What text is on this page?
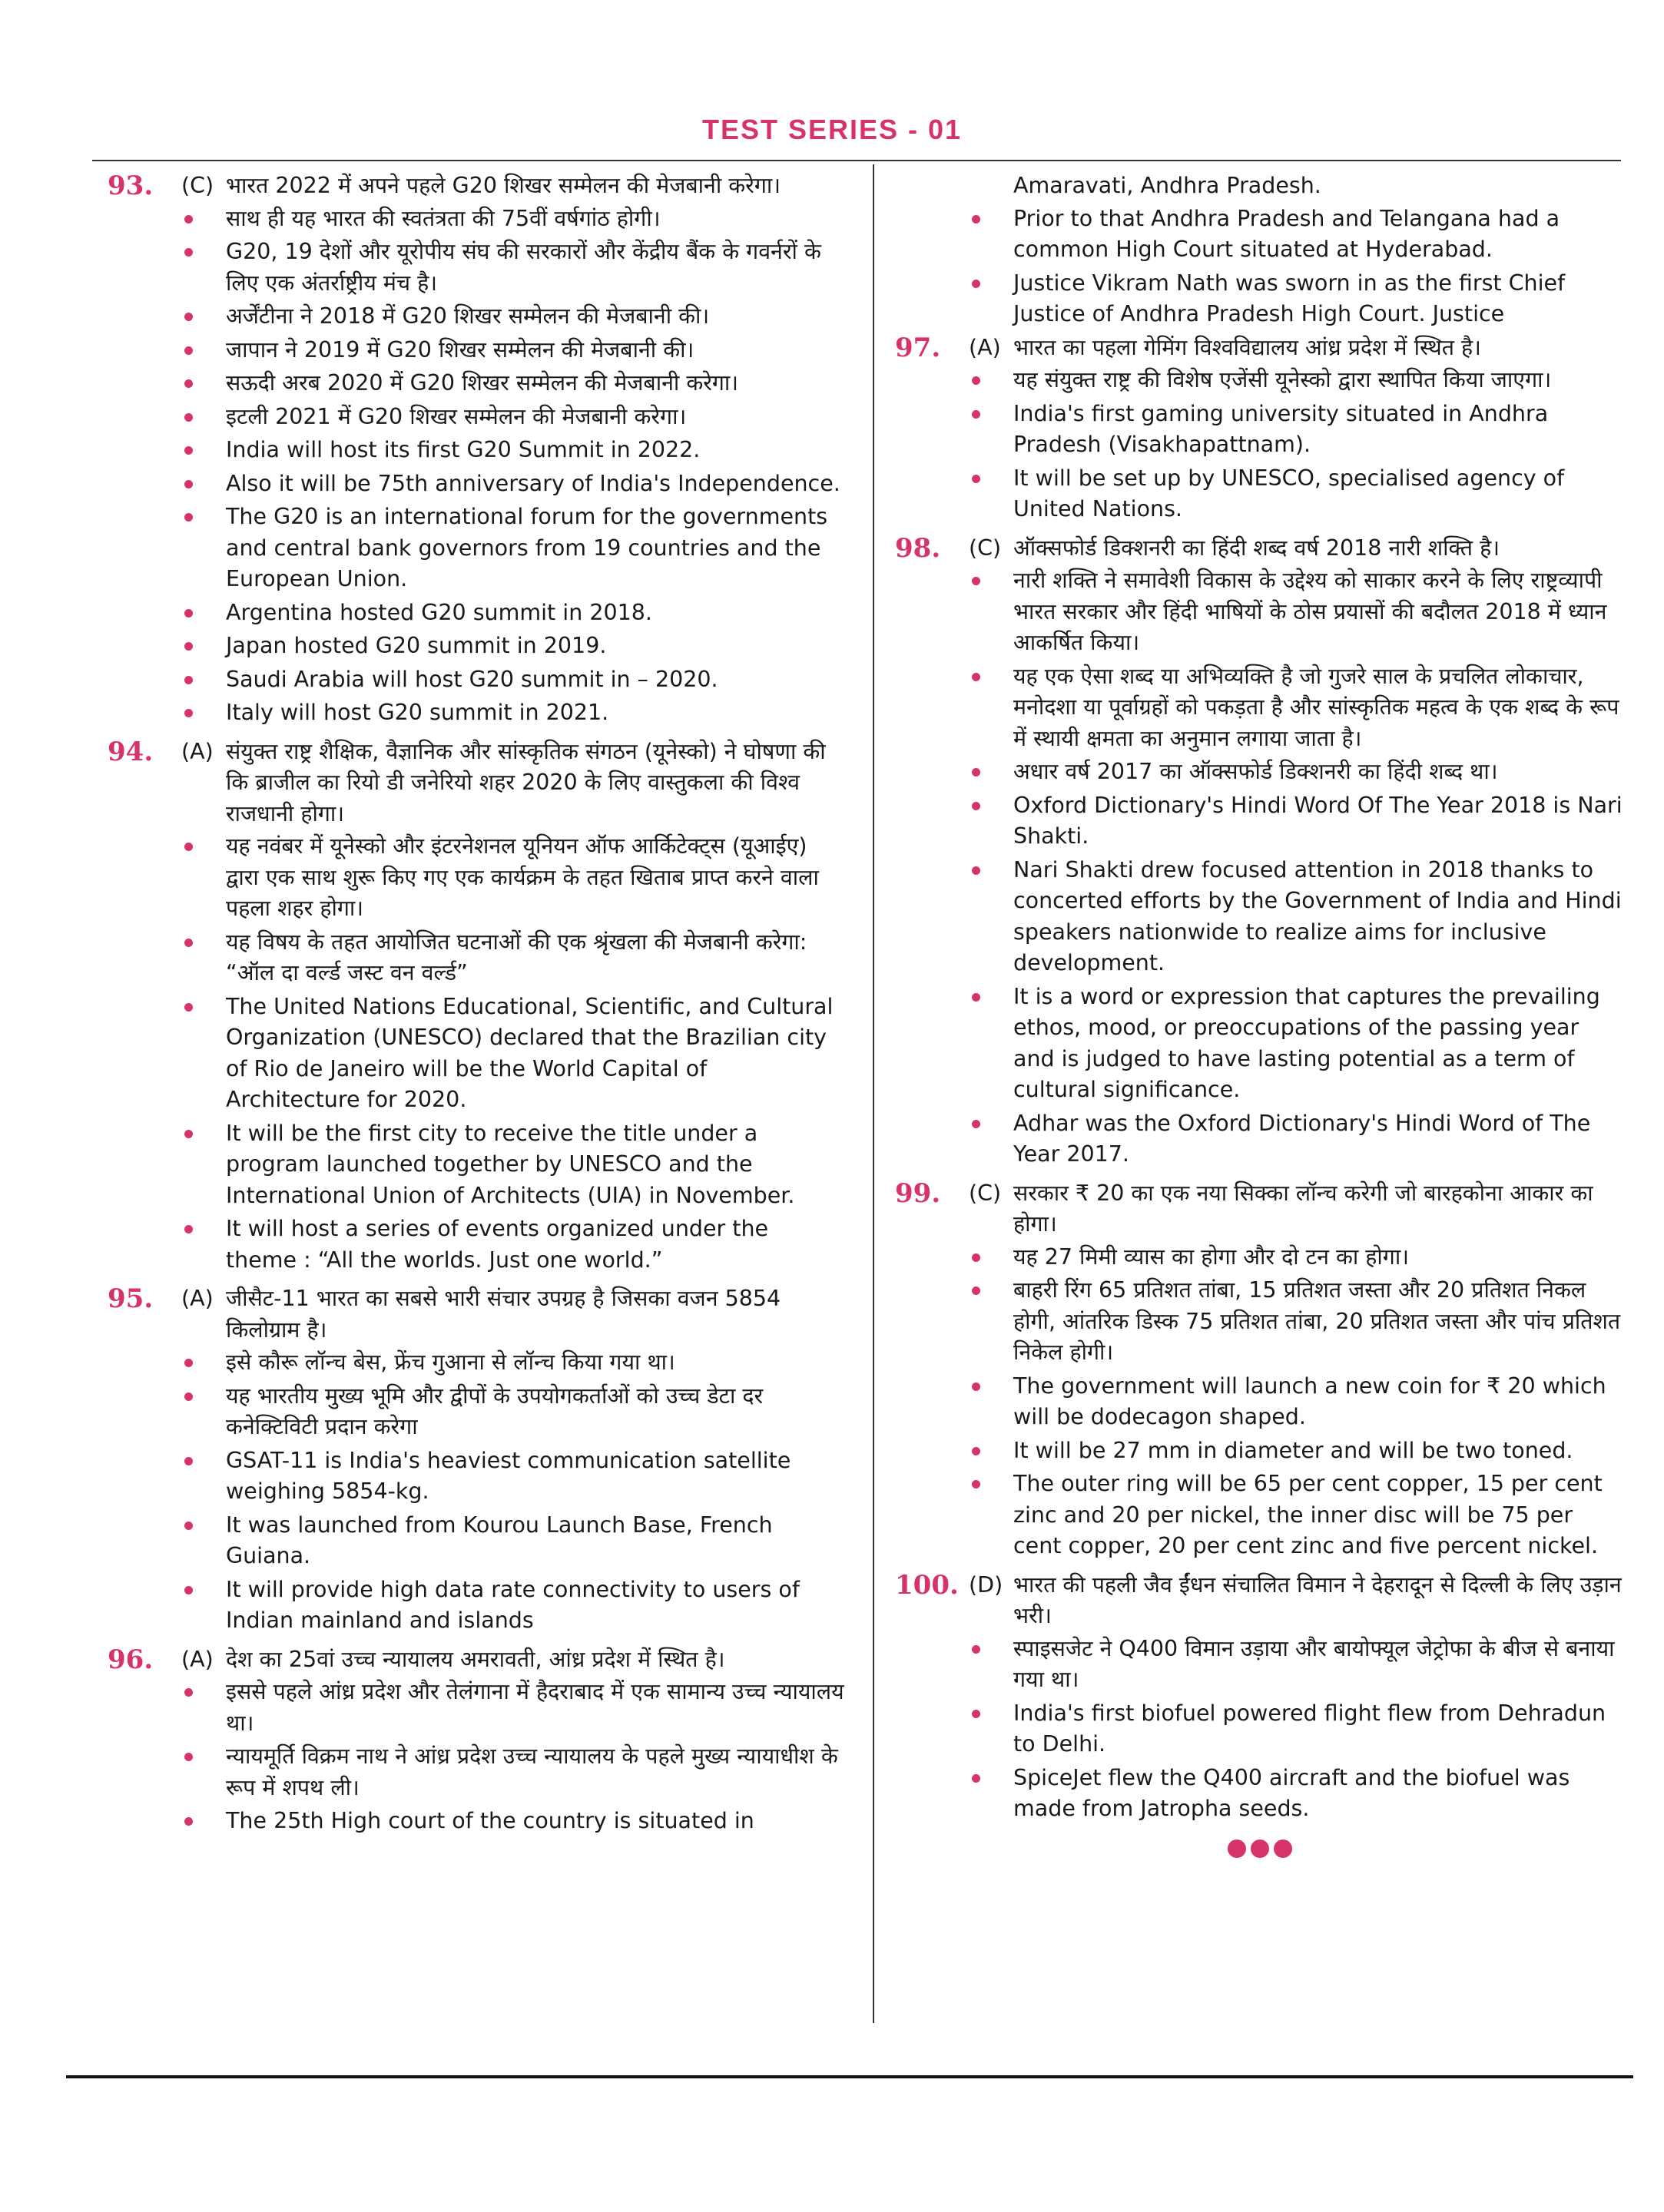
TEST SERIES - 01
93.	(C) भारत 2022 में अपने पहले G20 शिखर सम्मेलन की मेजबानी करेगा।
साथ ही यह भारत की स्वतंत्रता की 75वीं वर्षगांठ होगी।
G20, 19 देशों और यूरोपीय संघ की सरकारों और केंद्रीय बैंक के गवर्नरों के लिए एक अंतर्राष्ट्रीय मंच है।
अर्जेंटीना ने 2018 में G20 शिखर सम्मेलन की मेजबानी की।
जापान ने 2019 में G20 शिखर सम्मेलन की मेजबानी की।
सऊदी अरब 2020 में G20 शिखर सम्मेलन की मेजबानी करेगा।
इटली 2021 में G20 शिखर सम्मेलन की मेजबानी करेगा।
India will host its first G20 Summit in 2022.
Also it will be 75th anniversary of India's Independence.
The G20 is an international forum for the governments and central bank governors from 19 countries and the European Union.
Argentina hosted G20 summit in 2018.
Japan hosted G20 summit in 2019.
Saudi Arabia will host G20 summit in – 2020.
Italy will host G20 summit in 2021.
94.	(A) संयुक्त राष्ट्र शैक्षिक, वैज्ञानिक और सांस्कृतिक संगठन (यूनेस्को) ने घोषणा की कि ब्राजील का रियो डी जनेरियो शहर 2020 के लिए वास्तुकला की विश्व राजधानी होगा।
यह नवंबर में यूनेस्को और इंटरनेशनल यूनियन ऑफ आर्किटेक्ट्स (यूआईए) द्वारा एक साथ शुरू किए गए एक कार्यक्रम के तहत खिताब प्राप्त करने वाला पहला शहर होगा।
यह विषय के तहत आयोजित घटनाओं की एक श्रृंखला की मेजबानी करेगा: “ऑल दा वर्ल्ड जस्ट वन वर्ल्ड”
The United Nations Educational, Scientific, and Cultural Organization (UNESCO) declared that the Brazilian city of Rio de Janeiro will be the World Capital of Architecture for 2020.
It will be the first city to receive the title under a program launched together by UNESCO and the International Union of Architects (UIA) in November.
It will host a series of events organized under the theme : “All the worlds. Just one world.”
95.	(A) जीसैट-11 भारत का सबसे भारी संचार उपग्रह है जिसका वजन 5854 किलोग्राम है।
इसे कौरू लॉन्च बेस, फ्रेंच गुआना से लॉन्च किया गया था।
यह भारतीय मुख्य भूमि और द्वीपों के उपयोगकर्ताओं को उच्च डेटा दर कनेक्टिविटी प्रदान करेगा
GSAT-11 is India's heaviest communication satellite weighing 5854-kg.
It was launched from Kourou Launch Base, French Guiana.
It will provide high data rate connectivity to users of Indian mainland and islands
96.	(A) देश का 25वां उच्च न्यायालय अमरावती, आंध्र प्रदेश में स्थित है।
इससे पहले आंध्र प्रदेश और तेलंगाना में हैदराबाद में एक सामान्य उच्च न्यायालय था।
न्यायमूर्ति विक्रम नाथ ने आंध्र प्रदेश उच्च न्यायालय के पहले मुख्य न्यायाधीश के रूप में शपथ ली।
The 25th High court of the country is situated in
Amaravati, Andhra Pradesh.
Prior to that Andhra Pradesh and Telangana had a common High Court situated at Hyderabad.
Justice Vikram Nath was sworn in as the first Chief Justice of Andhra Pradesh High Court. Justice
97.	(A) भारत का पहला गेमिंग विश्वविद्यालय आंध्र प्रदेश में स्थित है।
यह संयुक्त राष्ट्र की विशेष एजेंसी यूनेस्को द्वारा स्थापित किया जाएगा।
India's first gaming university situated in Andhra Pradesh (Visakhapattnam).
It will be set up by UNESCO, specialised agency of United Nations.
98.	(C) ऑक्सफोर्ड डिक्शनरी का हिंदी शब्द वर्ष 2018 नारी शक्ति है।
नारी शक्ति ने समावेशी विकास के उद्देश्य को साकार करने के लिए राष्ट्रव्यापी भारत सरकार और हिंदी भाषियों के ठोस प्रयासों की बदौलत 2018 में ध्यान आकर्षित किया।
यह एक ऐसा शब्द या अभिव्यक्ति है जो गुजरे साल के प्रचलित लोकाचार, मनोदशा या पूर्वाग्रहों को पकड़ता है और सांस्कृतिक महत्व के एक शब्द के रूप में स्थायी क्षमता का अनुमान लगाया जाता है।
अधार वर्ष 2017 का ऑक्सफोर्ड डिक्शनरी का हिंदी शब्द था।
Oxford Dictionary's Hindi Word Of The Year 2018 is Nari Shakti.
Nari Shakti drew focused attention in 2018 thanks to concerted efforts by the Government of India and Hindi speakers nationwide to realize aims for inclusive development.
It is a word or expression that captures the prevailing ethos, mood, or preoccupations of the passing year and is judged to have lasting potential as a term of cultural significance.
Adhar was the Oxford Dictionary's Hindi Word of The Year 2017.
99.	(C) सरकार ₹ 20 का एक नया सिक्का लॉन्च करेगी जो बारहकोना आकार का होगा।
यह 27 मिमी व्यास का होगा और दो टन का होगा।
बाहरी रिंग 65 प्रतिशत तांबा, 15 प्रतिशत जस्ता और 20 प्रतिशत निकल होगी, आंतरिक डिस्क 75 प्रतिशत तांबा, 20 प्रतिशत जस्ता और पांच प्रतिशत निकेल होगी।
The government will launch a new coin for ₹ 20 which will be dodecagon shaped.
It will be 27 mm in diameter and will be two toned.
The outer ring will be 65 per cent copper, 15 per cent zinc and 20 per nickel, the inner disc will be 75 per cent copper, 20 per cent zinc and five percent nickel.
100. (D) भारत की पहली जैव ईंधन संचालित विमान ने देहरादून से दिल्ली के लिए उड़ान भरी।
स्पाइसजेट ने Q400 विमान उड़ाया और बायोफ्यूल जेट्रोफा के बीज से बनाया गया था।
India's first biofuel powered flight flew from Dehradun to Delhi.
SpiceJet flew the Q400 aircraft and the biofuel was made from Jatropha seeds.
